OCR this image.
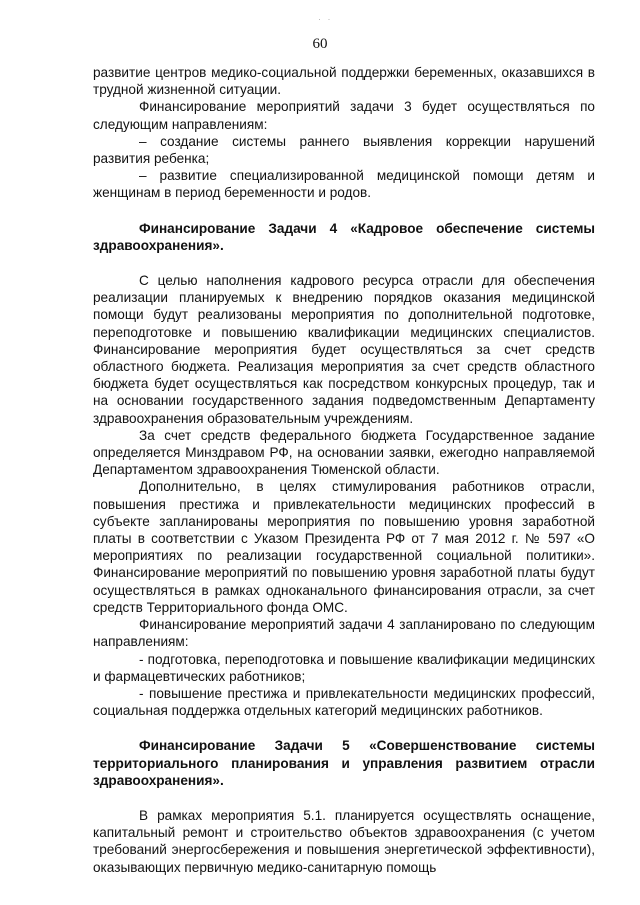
· ·
60

развитие центров медико-социальной поддержки беременных, оказавшихся в трудной жизненной ситуации.

Финансирование мероприятий задачи 3 будет осуществляться по следующим направлениям:

– создание системы раннего выявления коррекции нарушений развития ребенка;

– развитие специализированной медицинской помощи детям и женщинам в период беременности и родов.

Финансирование Задачи 4 «Кадровое обеспечение системы здравоохранения».

С целью наполнения кадрового ресурса отрасли для обеспечения реализации планируемых к внедрению порядков оказания медицинской помощи будут реализованы мероприятия по дополнительной подготовке, переподготовке и повышению квалификации медицинских специалистов. Финансирование мероприятия будет осуществляться за счет средств областного бюджета. Реализация мероприятия за счет средств областного бюджета будет осуществляться как посредством конкурсных процедур, так и на основании государственного задания подведомственным Департаменту здравоохранения образовательным учреждениям.

За счет средств федерального бюджета Государственное задание определяется Минздравом РФ, на основании заявки, ежегодно направляемой Департаментом здравоохранения Тюменской области.

Дополнительно, в целях стимулирования работников отрасли, повышения престижа и привлекательности медицинских профессий в субъекте запланированы мероприятия по повышению уровня заработной платы в соответствии с Указом Президента РФ от 7 мая 2012 г. № 597 «О мероприятиях по реализации государственной социальной политики». Финансирование мероприятий по повышению уровня заработной платы будут осуществляться в рамках одноканального финансирования отрасли, за счет средств Территориального фонда ОМС.

Финансирование мероприятий задачи 4 запланировано по следующим направлениям:

- подготовка, переподготовка и повышение квалификации медицинских и фармацевтических работников;

- повышение престижа и привлекательности медицинских профессий, социальная поддержка отдельных категорий медицинских работников.

Финансирование Задачи 5 «Совершенствование системы территориального планирования и управления развитием отрасли здравоохранения».

В рамках мероприятия 5.1. планируется осуществлять оснащение, капитальный ремонт и строительство объектов здравоохранения (с учетом требований энергосбережения и повышения энергетической эффективности), оказывающих первичную медико-санитарную помощь
